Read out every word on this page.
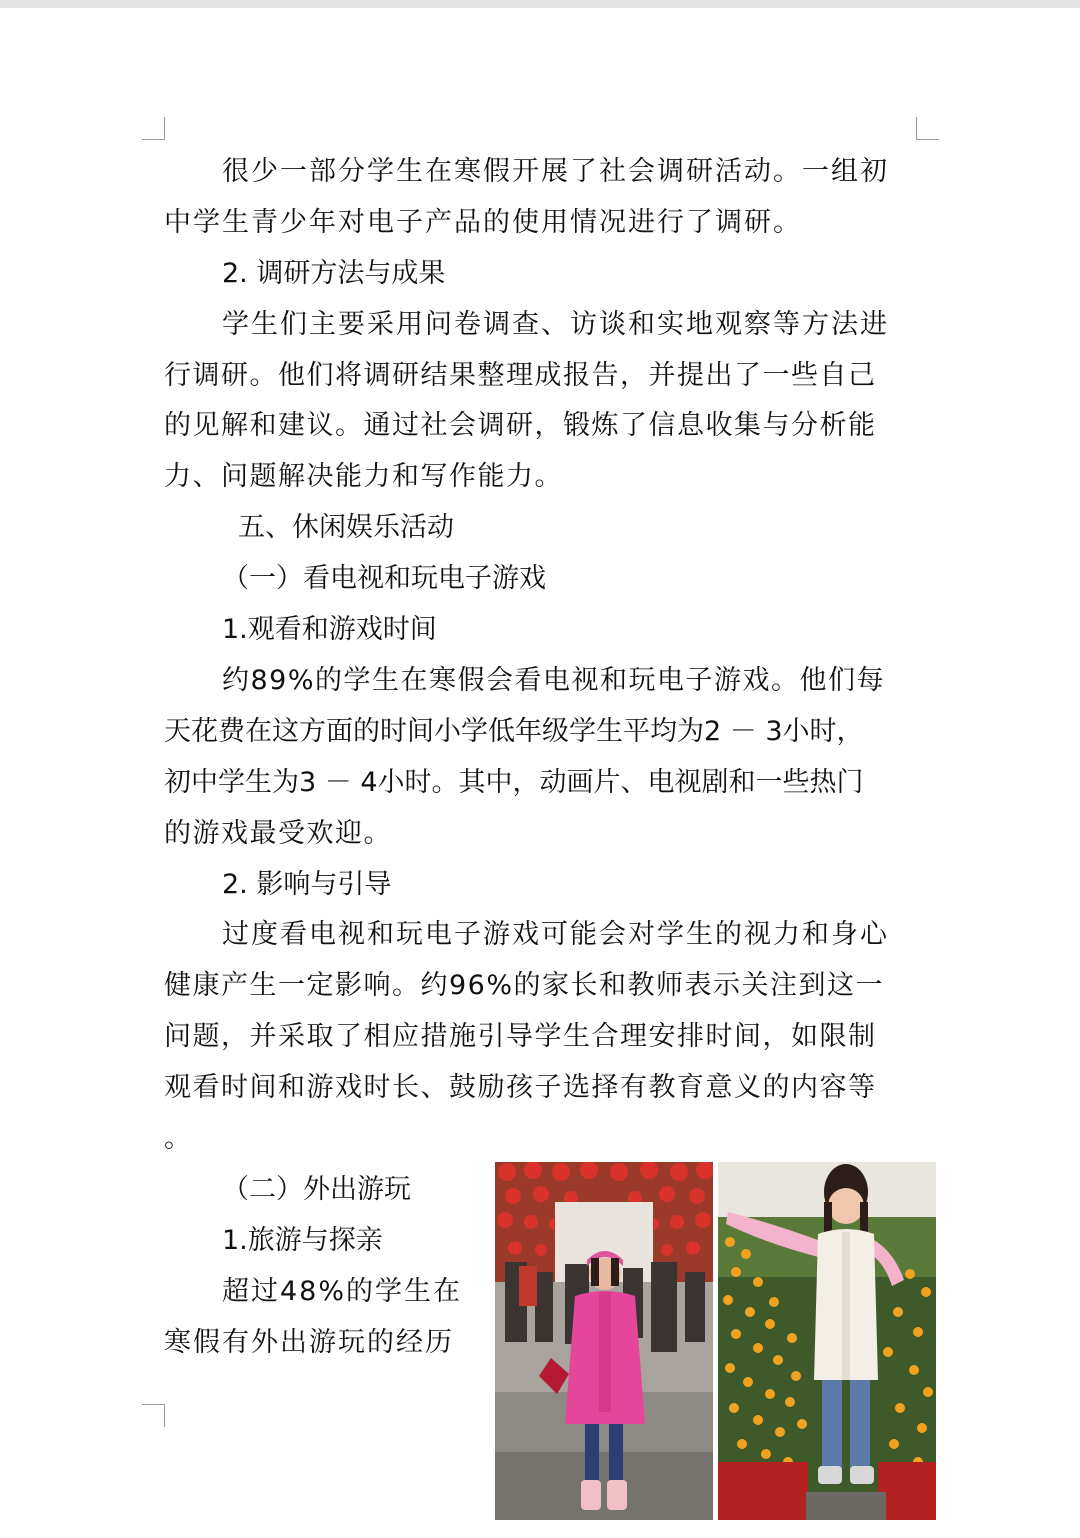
很少一部分学生在寒假开展了社会调研活动。一组初

中学生青少年对电子产品的使用情况进行了调研。

2. 调研方法与成果

学生们主要采用问卷调查、访谈和实地观察等方法进

行调研。他们将调研结果整理成报告，并提出了一些自己

的见解和建议。通过社会调研，锻炼了信息收集与分析能

力、问题解决能力和写作能力。

五、休闲娱乐活动

（一）看电视和玩电子游戏

1.观看和游戏时间

约89%的学生在寒假会看电视和玩电子游戏。他们每

天花费在这方面的时间小学低年级学生平均为2 － 3小时，

初中学生为3 － 4小时。其中，动画片、电视剧和一些热门

的游戏最受欢迎。

2. 影响与引导

过度看电视和玩电子游戏可能会对学生的视力和身心

健康产生一定影响。约96%的家长和教师表示关注到这一

问题，并采取了相应措施引导学生合理安排时间，如限制

观看时间和游戏时长、鼓励孩子选择有教育意义的内容等

。

（二）外出游玩

1.旅游与探亲

超过48%的学生在

寒假有外出游玩的经历
